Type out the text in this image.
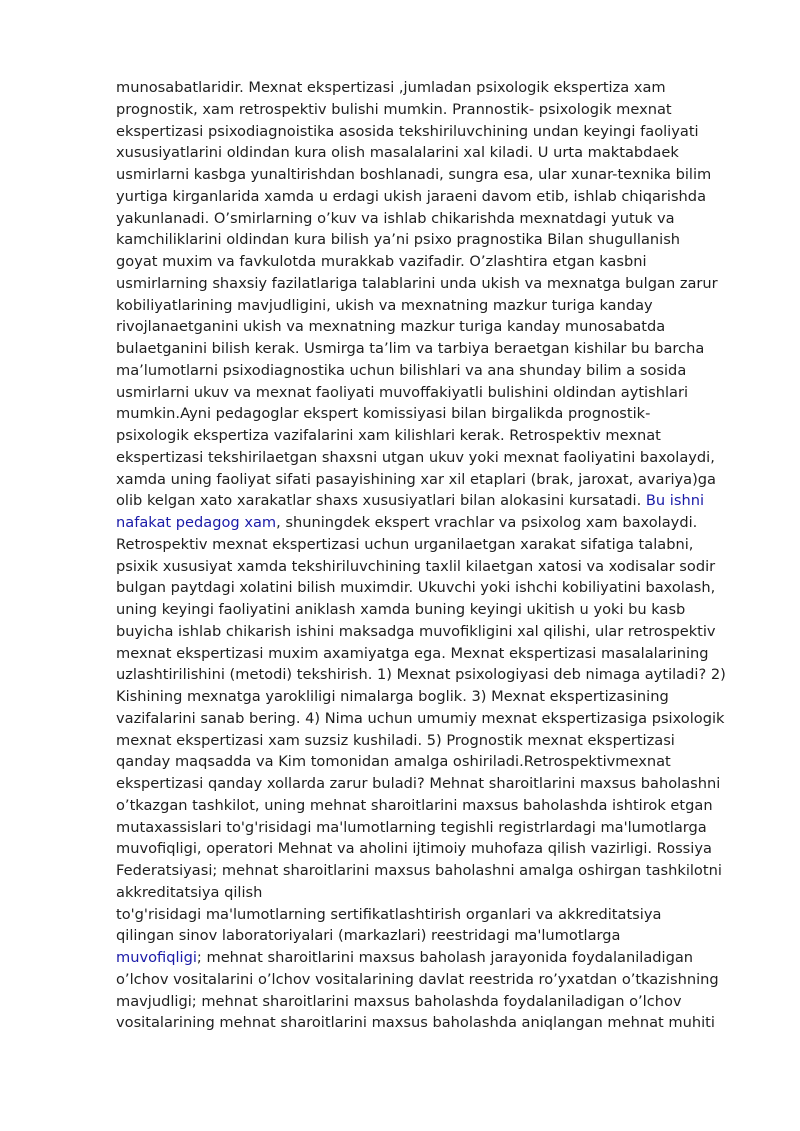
munosabatlaridir. Mexnat ekspertizasi ,jumladan psixologik ekspertiza xam
prognostik, xam retrospektiv bulishi mumkin. Prannostik- psixologik mexnat
ekspertizasi psixodiagnoistika asosida tekshiriluvchining undan keyingi faoliyati
xususiyatlarini oldindan kura olish masalalarini xal kiladi. U urta maktabdaek
usmirlarni kasbga yunaltirishdan boshlanadi, sungra esa, ular xunar-texnika bilim
yurtiga kirganlarida xamda u erdagi ukish jaraeni davom etib, ishlab chiqarishda
yakunlanadi. O’smirlarning o’kuv va ishlab chikarishda mexnatdagi yutuk va
kamchiliklarini oldindan kura bilish ya’ni psixo pragnostika Bilan shugullanish
goyat muxim va favkulotda murakkab vazifadir. O’zlashtira etgan kasbni
usmirlarning shaxsiy fazilatlariga talablarini unda ukish va mexnatga bulgan zarur
kobiliyatlarining mavjudligini, ukish va mexnatning mazkur turiga kanday
rivojlanaetganini ukish va mexnatning mazkur turiga kanday munosabatda
bulaetganini bilish kerak. Usmirga ta’lim va tarbiya beraetgan kishilar bu barcha
ma’lumotlarni psixodiagnostika uchun bilishlari va ana shunday bilim a sosida
usmirlarni ukuv va mexnat faoliyati muvoffakiyatli bulishini oldindan aytishlari
mumkin.Ayni pedagoglar ekspert komissiyasi bilan birgalikda prognostik-
psixologik ekspertiza vazifalarini xam kilishlari kerak. Retrospektiv mexnat
ekspertizasi tekshirilaetgan shaxsni utgan ukuv yoki mexnat faoliyatini baxolaydi,
xamda uning faoliyat sifati pasayishining xar xil etaplari (brak, jaroxat, avariya)ga
olib kelgan xato xarakatlar shaxs xususiyatlari bilan alokasini kursatadi. Bu ishni
nafakat pedagog xam, shuningdek ekspert vrachlar va psixolog xam baxolaydi.
Retrospektiv mexnat ekspertizasi uchun urganilaetgan xarakat sifatiga talabni,
psixik xususiyat xamda tekshiriluvchining taxlil kilaetgan xatosi va xodisalar sodir
bulgan paytdagi xolatini bilish muximdir. Ukuvchi yoki ishchi kobiliyatini baxolash,
uning keyingi faoliyatini aniklash xamda buning keyingi ukitish u yoki bu kasb
buyicha ishlab chikarish ishini maksadga muvofikligini xal qilishi, ular retrospektiv
mexnat ekspertizasi muxim axamiyatga ega. Mexnat ekspertizasi masalalarining
uzlashtirilishini (metodi) tekshirish. 1) Mexnat psixologiyasi deb nimaga aytiladi? 2)
Kishining mexnatga yarokliligi nimalarga boglik. 3) Mexnat ekspertizasining
vazifalarini sanab bering. 4) Nima uchun umumiy mexnat ekspertizasiga psixologik
mexnat ekspertizasi xam suzsiz kushiladi. 5) Prognostik mexnat ekspertizasi
qanday maqsadda va Kim tomonidan amalga oshiriladi.Retrospektivmexnat
ekspertizasi qanday xollarda zarur buladi? Mehnat sharoitlarini maxsus baholashni
o’tkazgan tashkilot, uning mehnat sharoitlarini maxsus baholashda ishtirok etgan
mutaxassislari to'g'risidagi ma'lumotlarning tegishli registrlardagi ma'lumotlarga
muvofiqligi, operatori Mehnat va aholini ijtimoiy muhofaza qilish vazirligi. Rossiya
Federatsiyasi; mehnat sharoitlarini maxsus baholashni amalga oshirgan tashkilotni
akkreditatsiya qilish
to'g'risidagi ma'lumotlarning sertifikatlashtirish organlari va akkreditatsiya
qilingan sinov laboratoriyalari (markazlari) reestridagi ma'lumotlarga
muvofiqligi; mehnat sharoitlarini maxsus baholash jarayonida foydalaniladigan
o’lchov vositalarini o’lchov vositalarining davlat reestrida ro’yxatdan o’tkazishning
mavjudligi; mehnat sharoitlarini maxsus baholashda foydalaniladigan o’lchov
vositalarining mehnat sharoitlarini maxsus baholashda aniqlangan mehnat muhiti
